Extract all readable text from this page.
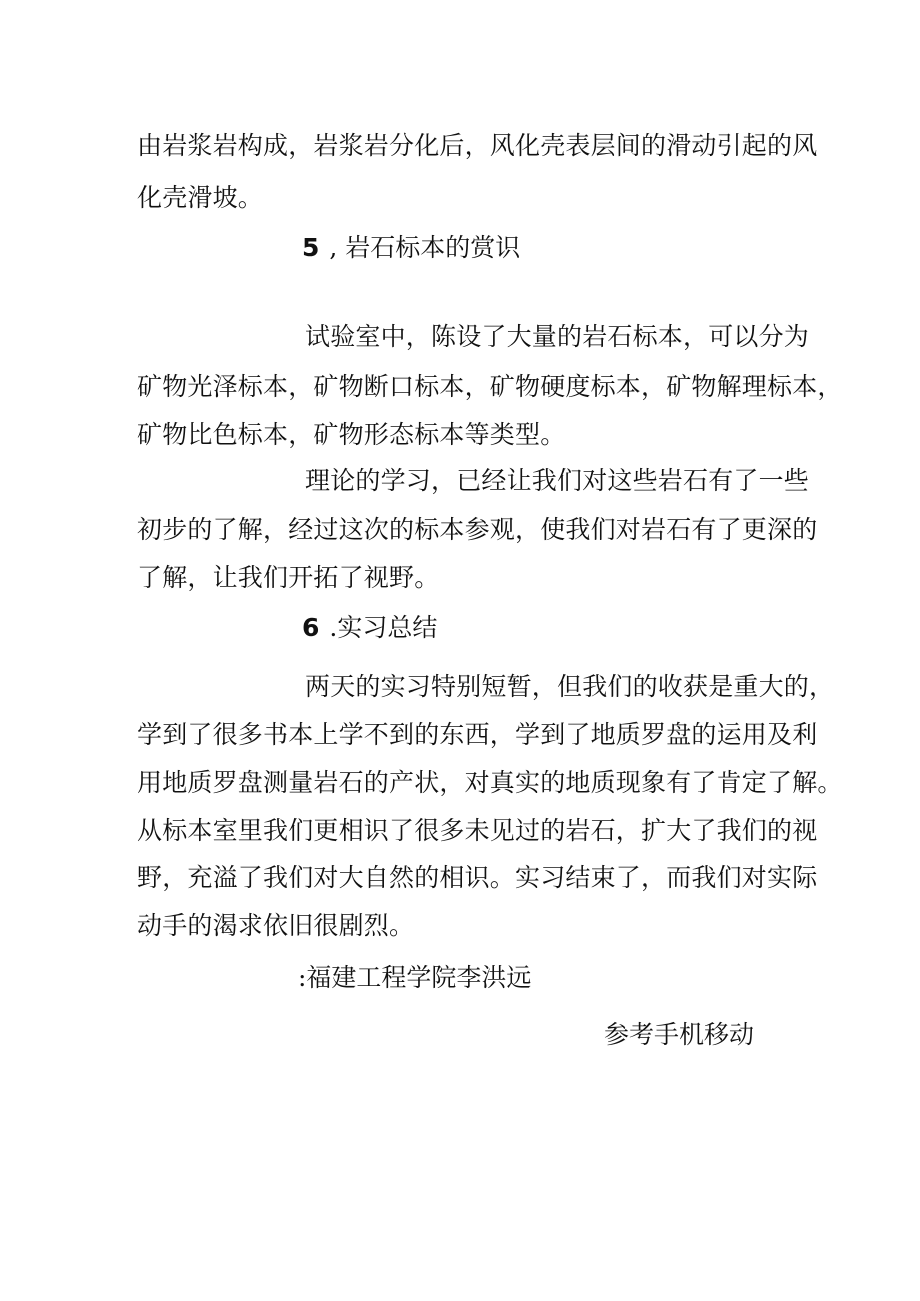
由岩浆岩构成，岩浆岩分化后，风化壳表层间的滑动引起的风
化壳滑坡。
5 , 岩石标本的赏识
试验室中，陈设了大量的岩石标本，可以分为
矿物光泽标本，矿物断口标本，矿物硬度标本，矿物解理标本，
矿物比色标本，矿物形态标本等类型。
理论的学习，已经让我们对这些岩石有了一些
初步的了解，经过这次的标本参观，使我们对岩石有了更深的
了解，让我们开拓了视野。
6 .实习总结
两天的实习特别短暂，但我们的收获是重大的，
学到了很多书本上学不到的东西，学到了地质罗盘的运用及利
用地质罗盘测量岩石的产状，对真实的地质现象有了肯定了解。
从标本室里我们更相识了很多未见过的岩石，扩大了我们的视
野，充溢了我们对大自然的相识。实习结束了，而我们对实际
动手的渴求依旧很剧烈。
:福建工程学院李洪远
参考手机移动
